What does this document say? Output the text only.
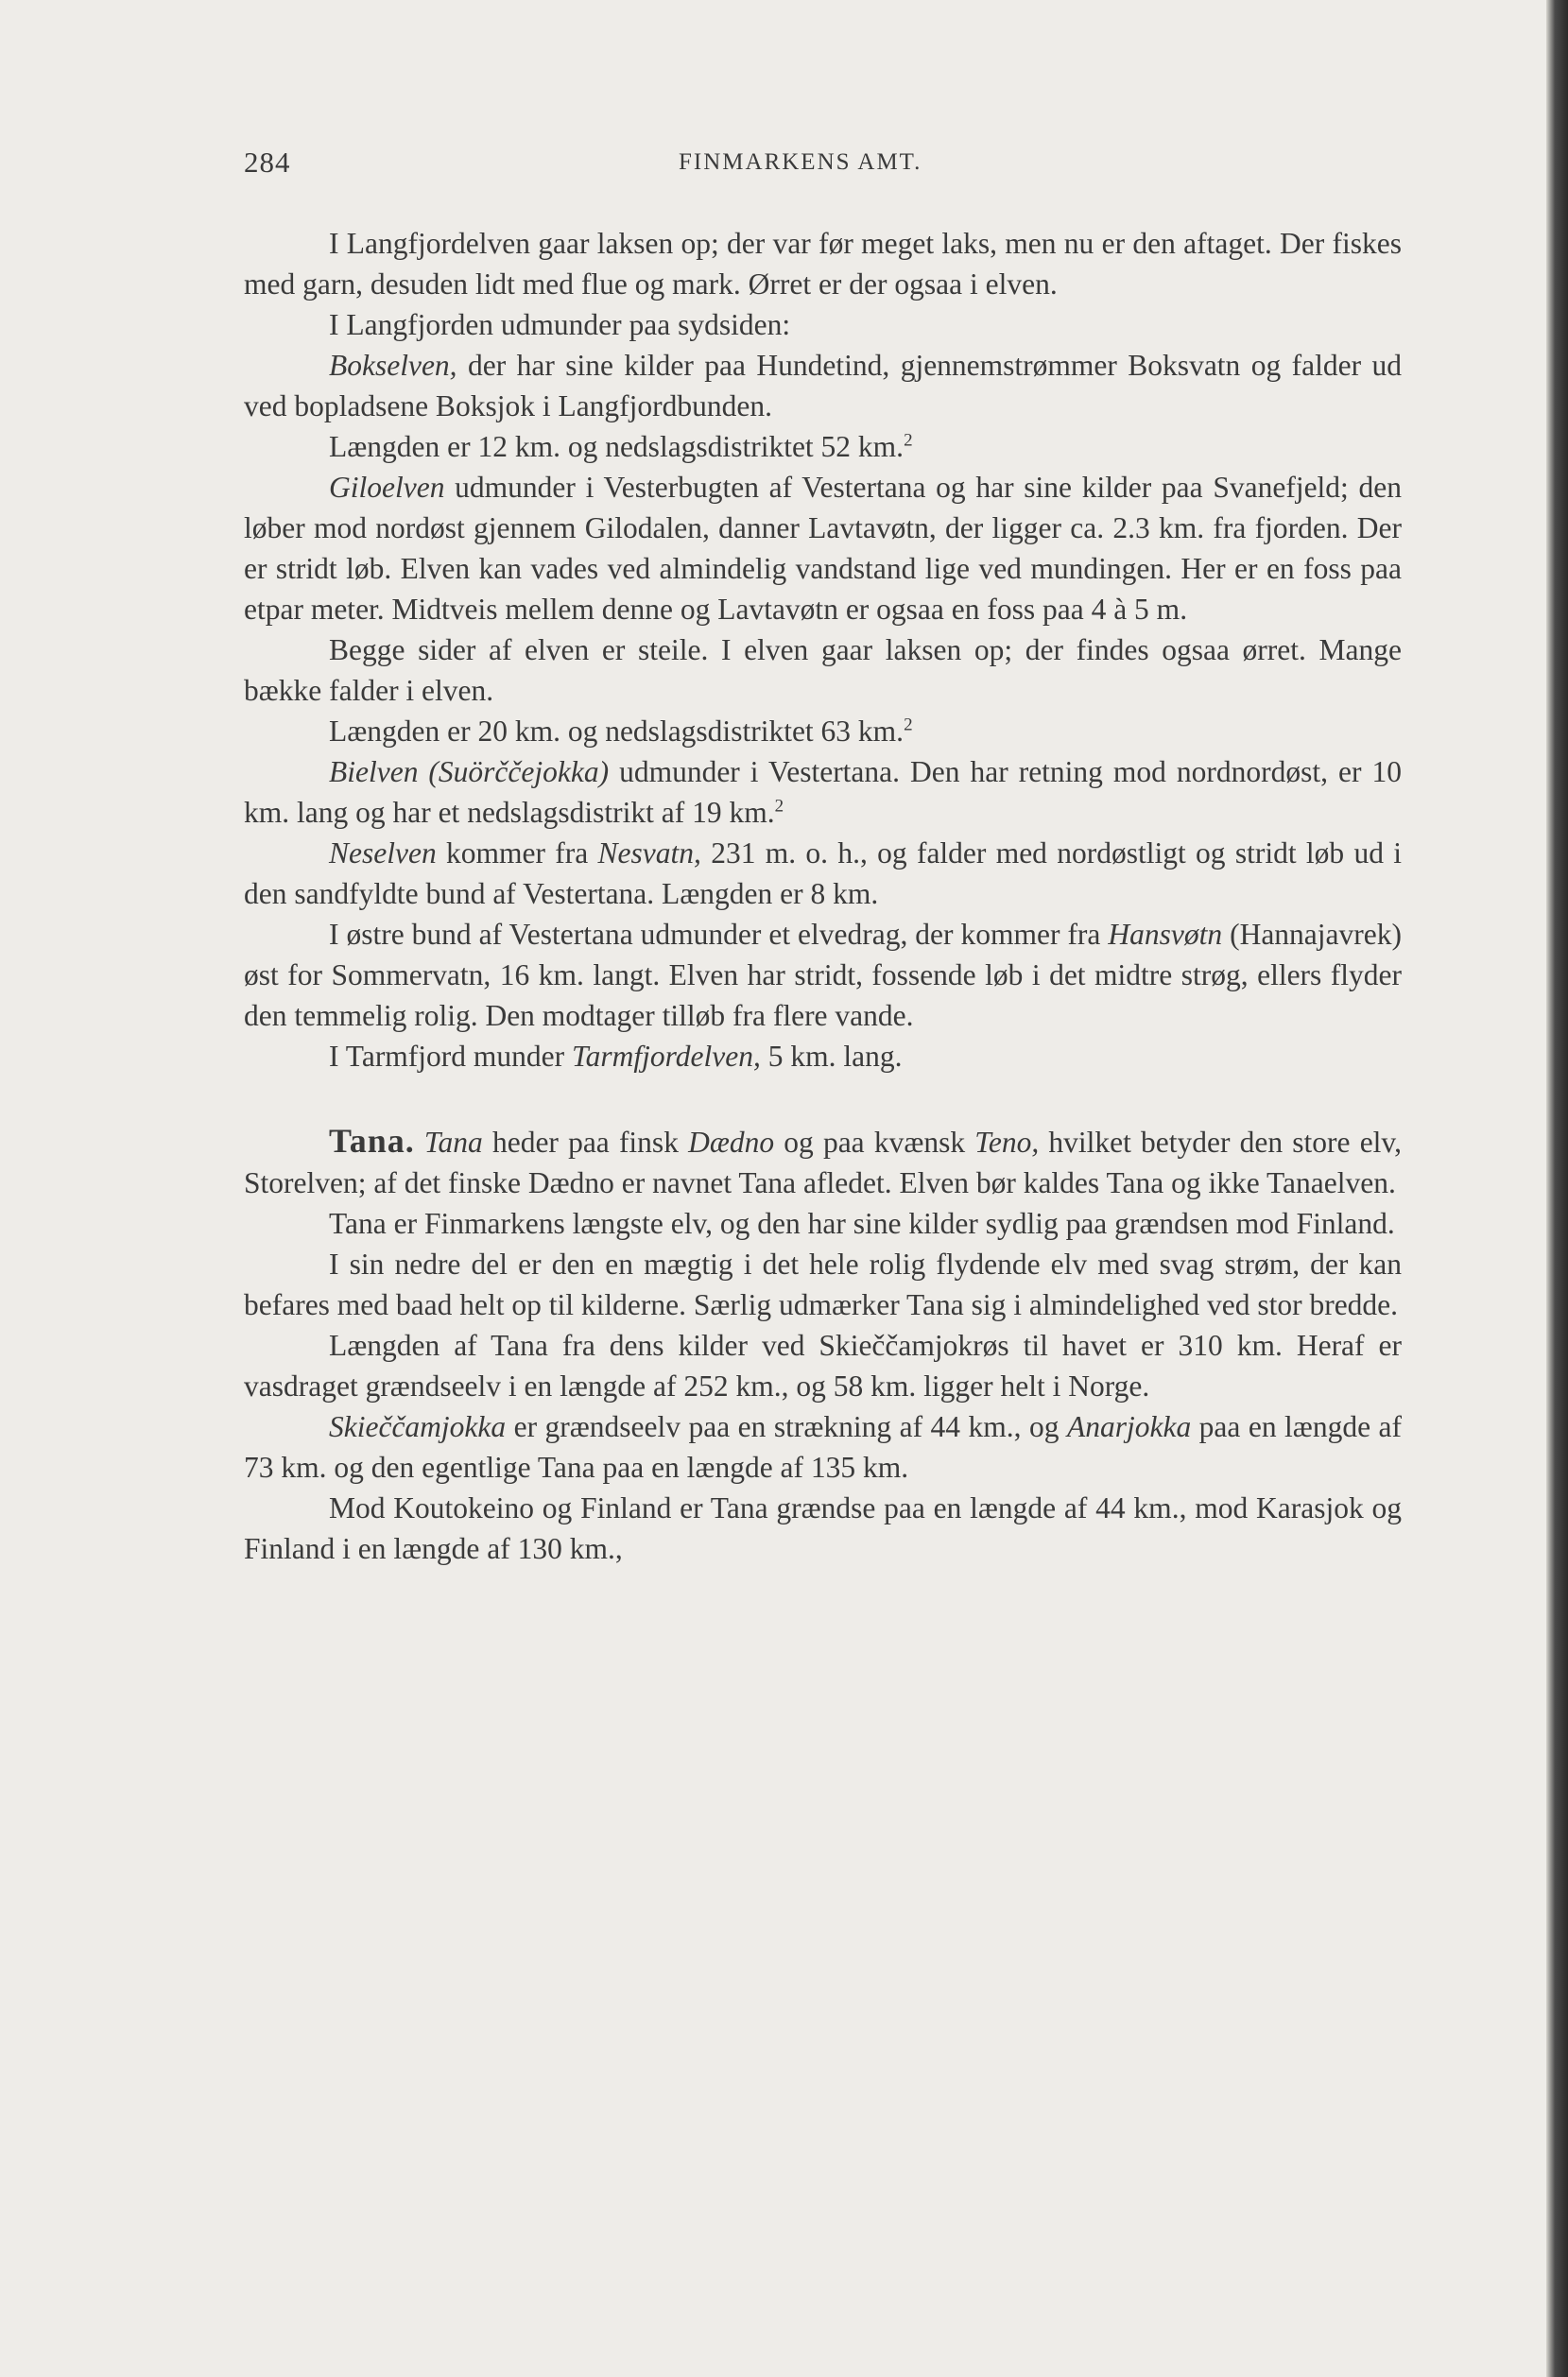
284	FINMARKENS AMT.

I Langfjordelven gaar laksen op; der var før meget laks, men nu er den aftaget. Der fiskes med garn, desuden lidt med flue og mark. Ørret er der ogsaa i elven.

I Langfjorden udmunder paa sydsiden:

Bokselven, der har sine kilder paa Hundetind, gjennemstrømmer Boksvatn og falder ud ved bopladsene Boksjok i Langfjordbunden.

Længden er 12 km. og nedslagsdistriktet 52 km.$^2$

Giloelven udmunder i Vesterbugten af Vestertana og har sine kilder paa Svanefjeld; den løber mod nordøst gjennem Gilodalen, danner Lavtavøtn, der ligger ca. 2.3 km. fra fjorden. Der er stridt løb. Elven kan vades ved almindelig vandstand lige ved mundingen. Her er en foss paa etpar meter. Midtveis mellem denne og Lavtavøtn er ogsaa en foss paa 4 à 5 m.

Begge sider af elven er steile. I elven gaar laksen op; der findes ogsaa ørret. Mange bække falder i elven.

Længden er 20 km. og nedslagsdistriktet 63 km.$^2$

Bielven (Suörččejokka) udmunder i Vestertana. Den har retning mod nordnordøst, er 10 km. lang og har et nedslagsdistrikt af 19 km.$^2$

Neselven kommer fra Nesvatn, 231 m. o. h., og falder med nordøstligt og stridt løb ud i den sandfyldte bund af Vestertana. Længden er 8 km.

I østre bund af Vestertana udmunder et elvedrag, der kommer fra Hansvøtn (Hannajavrek) øst for Sommervatn, 16 km. langt. Elven har stridt, fossende løb i det midtre strøg, ellers flyder den temmelig rolig. Den modtager tilløb fra flere vande.

I Tarmfjord munder Tarmfjordelven, 5 km. lang.

Tana. Tana heder paa finsk Dædno og paa kvænsk Teno, hvilket betyder den store elv, Storelven; af det finske Dædno er navnet Tana afledet. Elven bør kaldes Tana og ikke Tanaelven.

Tana er Finmarkens længste elv, og den har sine kilder sydlig paa grændsen mod Finland.

I sin nedre del er den en mægtig i det hele rolig flydende elv med svag strøm, der kan befares med baad helt op til kilderne. Særlig udmærker Tana sig i almindelighed ved stor bredde.

Længden af Tana fra dens kilder ved Skieččamjokrøs til havet er 310 km. Heraf er vasdraget grændseelv i en længde af 252 km., og 58 km. ligger helt i Norge.

Skieččamjokka er grændseelv paa en strækning af 44 km., og Anarjokka paa en længde af 73 km. og den egentlige Tana paa en længde af 135 km.

Mod Koutokeino og Finland er Tana grændse paa en længde af 44 km., mod Karasjok og Finland i en længde af 130 km.,
